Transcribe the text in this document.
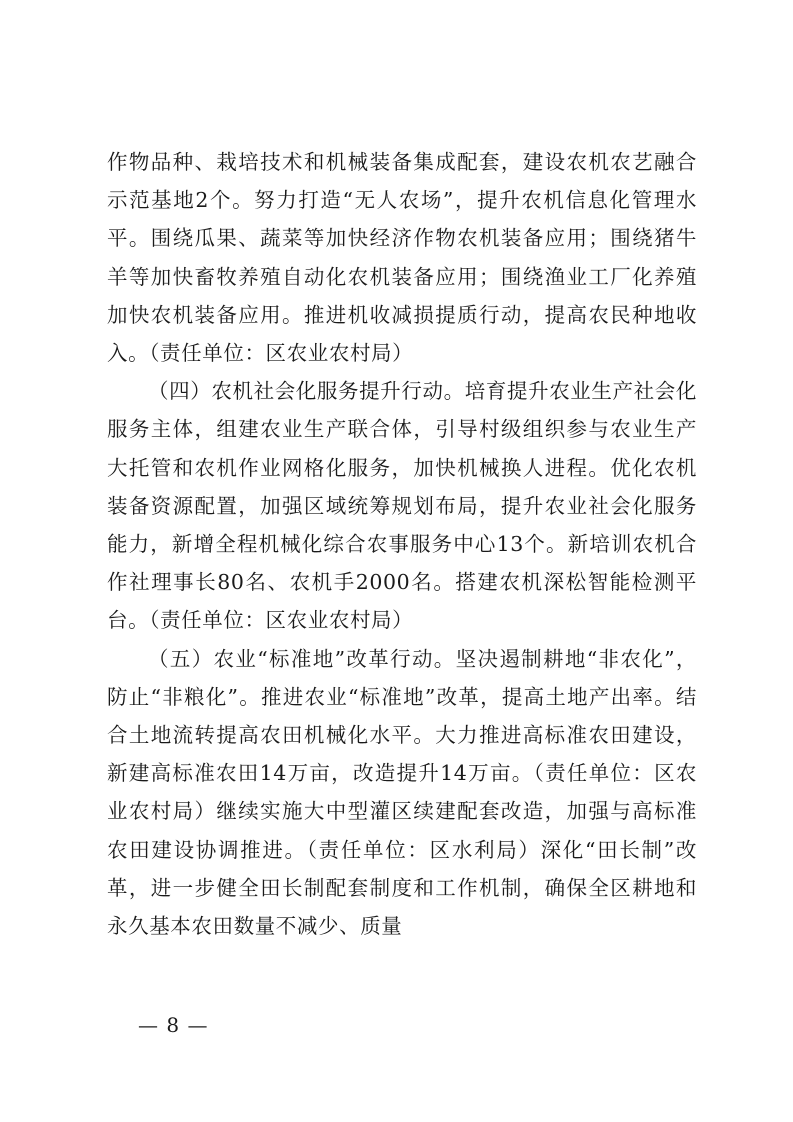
作物品种、栽培技术和机械装备集成配套，建设农机农艺融合示范基地2个。努力打造“无人农场”，提升农机信息化管理水平。围绕瓜果、蔬菜等加快经济作物农机装备应用；围绕猪牛羊等加快畜牧养殖自动化农机装备应用；围绕渔业工厂化养殖加快农机装备应用。推进机收减损提质行动，提高农民种地收入。（责任单位：区农业农村局）

（四）农机社会化服务提升行动。培育提升农业生产社会化服务主体，组建农业生产联合体，引导村级组织参与农业生产大托管和农机作业网格化服务，加快机械换人进程。优化农机装备资源配置，加强区域统筹规划布局，提升农业社会化服务能力，新增全程机械化综合农事服务中心13个。新培训农机合作社理事长80名、农机手2000名。搭建农机深松智能检测平台。（责任单位：区农业农村局）

（五）农业“标准地”改革行动。坚决遏制耕地“非农化”，防止“非粮化”。推进农业“标准地”改革，提高土地产出率。结合土地流转提高农田机械化水平。大力推进高标准农田建设，新建高标准农田14万亩，改造提升14万亩。（责任单位：区农业农村局）继续实施大中型灌区续建配套改造，加强与高标准农田建设协调推进。（责任单位：区水利局）深化“田长制”改革，进一步健全田长制配套制度和工作机制，确保全区耕地和永久基本农田数量不减少、质量

— 8 —
